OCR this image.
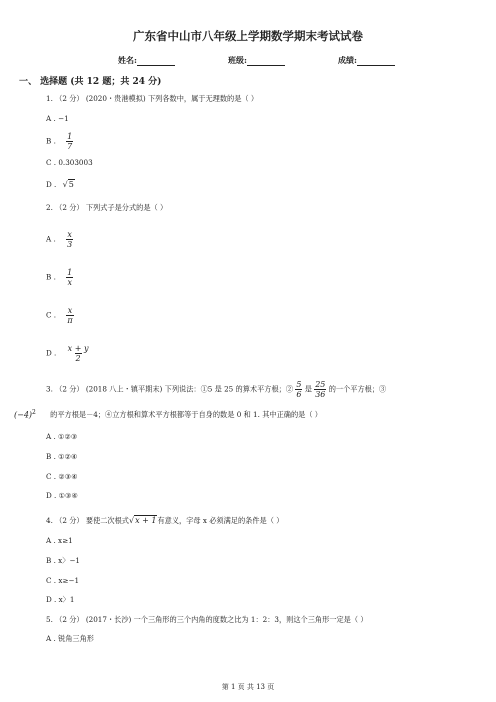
广东省中山市八年级上学期数学期末考试试卷
姓名:	班级:	成绩:
一、 选择题 (共 12 题；共 24 分)
1. （2 分） (2020・贵港模拟) 下列各数中，属于无理数的是（ ）
A . −1
B . $\frac{1}{7}$
C . 0.303003
D . √5
2. （2 分） 下列式子是分式的是（ ）
A . $\frac{x}{3}$
B . $\frac{1}{x}$
C . $\frac{x}{\pi}$
D . $\frac{x + y}{2}$
3. （2 分） (2018 八上・镇平期末) 下列说法：①5 是 25 的算术平方根；② $\frac{5}{6}$ 是 $\frac{25}{36}$ 的一个平方根；③
$(-4)^2$ 的平方根是－4；④立方根和算术平方根都等于自身的数是 0 和 1. 其中正确的是（ ）
A . ①②③
B . ①②④
C . ②③④
D . ①③④
4. （2 分） 要使二次根式√x + 1有意义，字母 x 必须满足的条件是（ ）
A . x≥1
B . x〉−1
C . x≥−1
D . x〉1
5. （2 分） (2017・长沙) 一个三角形的三个内角的度数之比为 1：2：3，则这个三角形一定是（ ）
A . 锐角三角形
第 1 页 共 13 页
